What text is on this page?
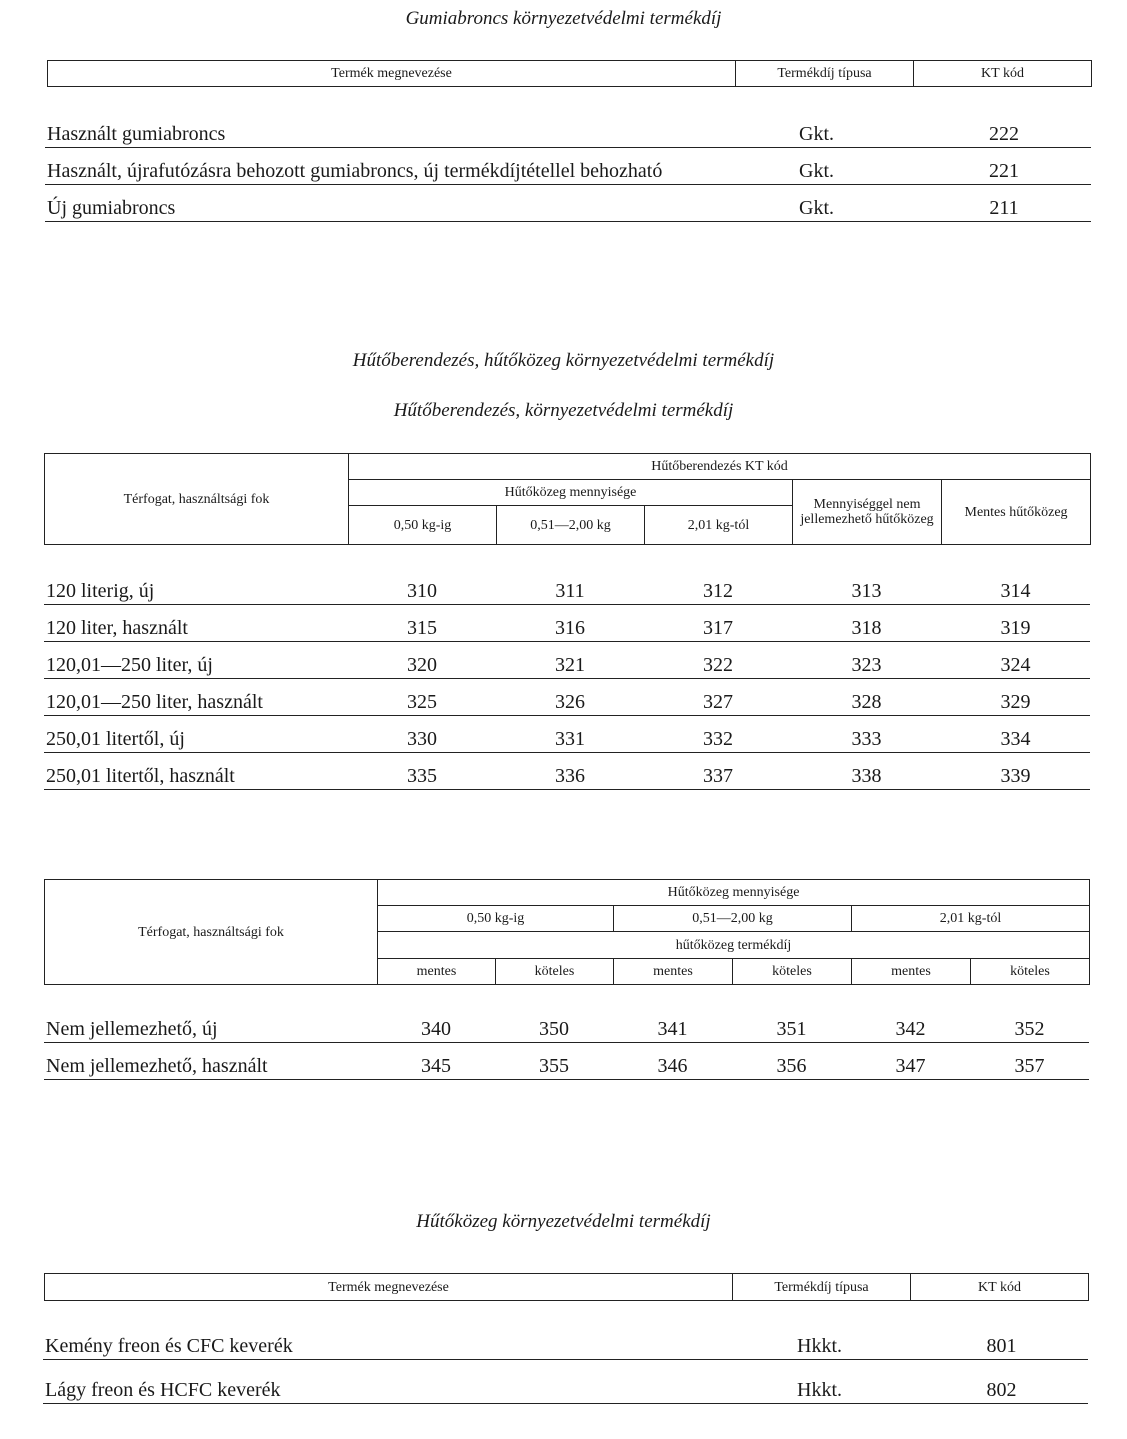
Gumiabroncs környezetvédelmi termékdíj
Termék megnevezése	Termékdíj típusa	KT kód
Használt gumiabroncs	Gkt.	222
Használt, újrafutózásra behozott gumiabroncs, új termékdíjtétellel behozható	Gkt.	221
Új gumiabroncs	Gkt.	211
Hűtőberendezés, hűtőközeg környezetvédelmi termékdíj
Hűtőberendezés, környezetvédelmi termékdíj
Térfogat, használtsági fok	Hűtőberendezés KT kód				
	Hűtőközeg mennyisége			Mennyiséggel nem jellemezhető hűtőközeg	Mentes hűtőközeg
	0,50 kg-ig	0,51—2,00 kg	2,01 kg-tól		
120 literig, új	310	311	312	313	314
120 liter, használt	315	316	317	318	319
120,01—250 liter, új	320	321	322	323	324
120,01—250 liter, használt	325	326	327	328	329
250,01 litertől, új	330	331	332	333	334
250,01 litertől, használt	335	336	337	338	339
Térfogat, használtsági fok	Hűtőközeg mennyisége					
	0,50 kg-ig		0,51—2,00 kg		2,01 kg-tól	
	hűtőközeg termékdíj					
	mentes	köteles	mentes	köteles	mentes	köteles
Nem jellemezhető, új	340	350	341	351	342	352
Nem jellemezhető, használt	345	355	346	356	347	357
Hűtőközeg környezetvédelmi termékdíj
Termék megnevezése	Termékdíj típusa	KT kód
Kemény freon és CFC keverék	Hkkt.	801
Lágy freon és HCFC keverék	Hkkt.	802
